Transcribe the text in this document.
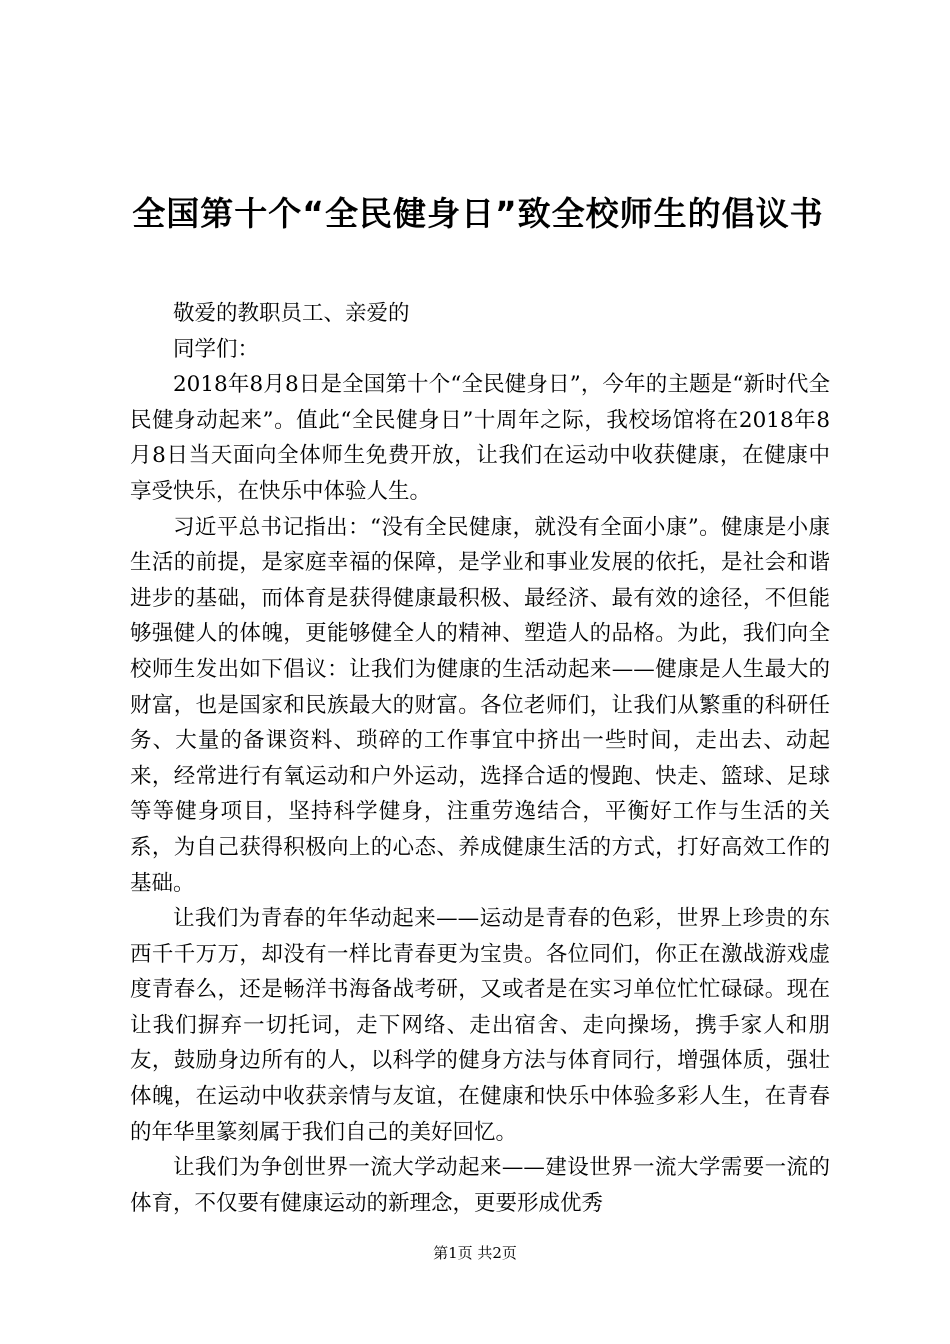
全国第十个“全民健身日”致全校师生的倡议书

敬爱的教职员工、亲爱的

同学们：

2018年8月8日是全国第十个“全民健身日”，今年的主题是“新时代全民健身动起来”。值此“全民健身日”十周年之际，我校场馆将在2018年8月8日当天面向全体师生免费开放，让我们在运动中收获健康，在健康中享受快乐，在快乐中体验人生。

习近平总书记指出：“没有全民健康，就没有全面小康”。健康是小康生活的前提，是家庭幸福的保障，是学业和事业发展的依托，是社会和谐进步的基础，而体育是获得健康最积极、最经济、最有效的途径，不但能够强健人的体魄，更能够健全人的精神、塑造人的品格。为此，我们向全校师生发出如下倡议：让我们为健康的生活动起来——健康是人生最大的财富，也是国家和民族最大的财富。各位老师们，让我们从繁重的科研任务、大量的备课资料、琐碎的工作事宜中挤出一些时间，走出去、动起来，经常进行有氧运动和户外运动，选择合适的慢跑、快走、篮球、足球等等健身项目，坚持科学健身，注重劳逸结合，平衡好工作与生活的关系，为自己获得积极向上的心态、养成健康生活的方式，打好高效工作的基础。

让我们为青春的年华动起来——运动是青春的色彩，世界上珍贵的东西千千万万，却没有一样比青春更为宝贵。各位同们，你正在激战游戏虚度青春么，还是畅洋书海备战考研，又或者是在实习单位忙忙碌碌。现在让我们摒弃一切托词，走下网络、走出宿舍、走向操场，携手家人和朋友，鼓励身边所有的人，以科学的健身方法与体育同行，增强体质，强壮体魄，在运动中收获亲情与友谊，在健康和快乐中体验多彩人生，在青春的年华里篆刻属于我们自己的美好回忆。

让我们为争创世界一流大学动起来——建设世界一流大学需要一流的体育，不仅要有健康运动的新理念，更要形成优秀

第1页 共2页
